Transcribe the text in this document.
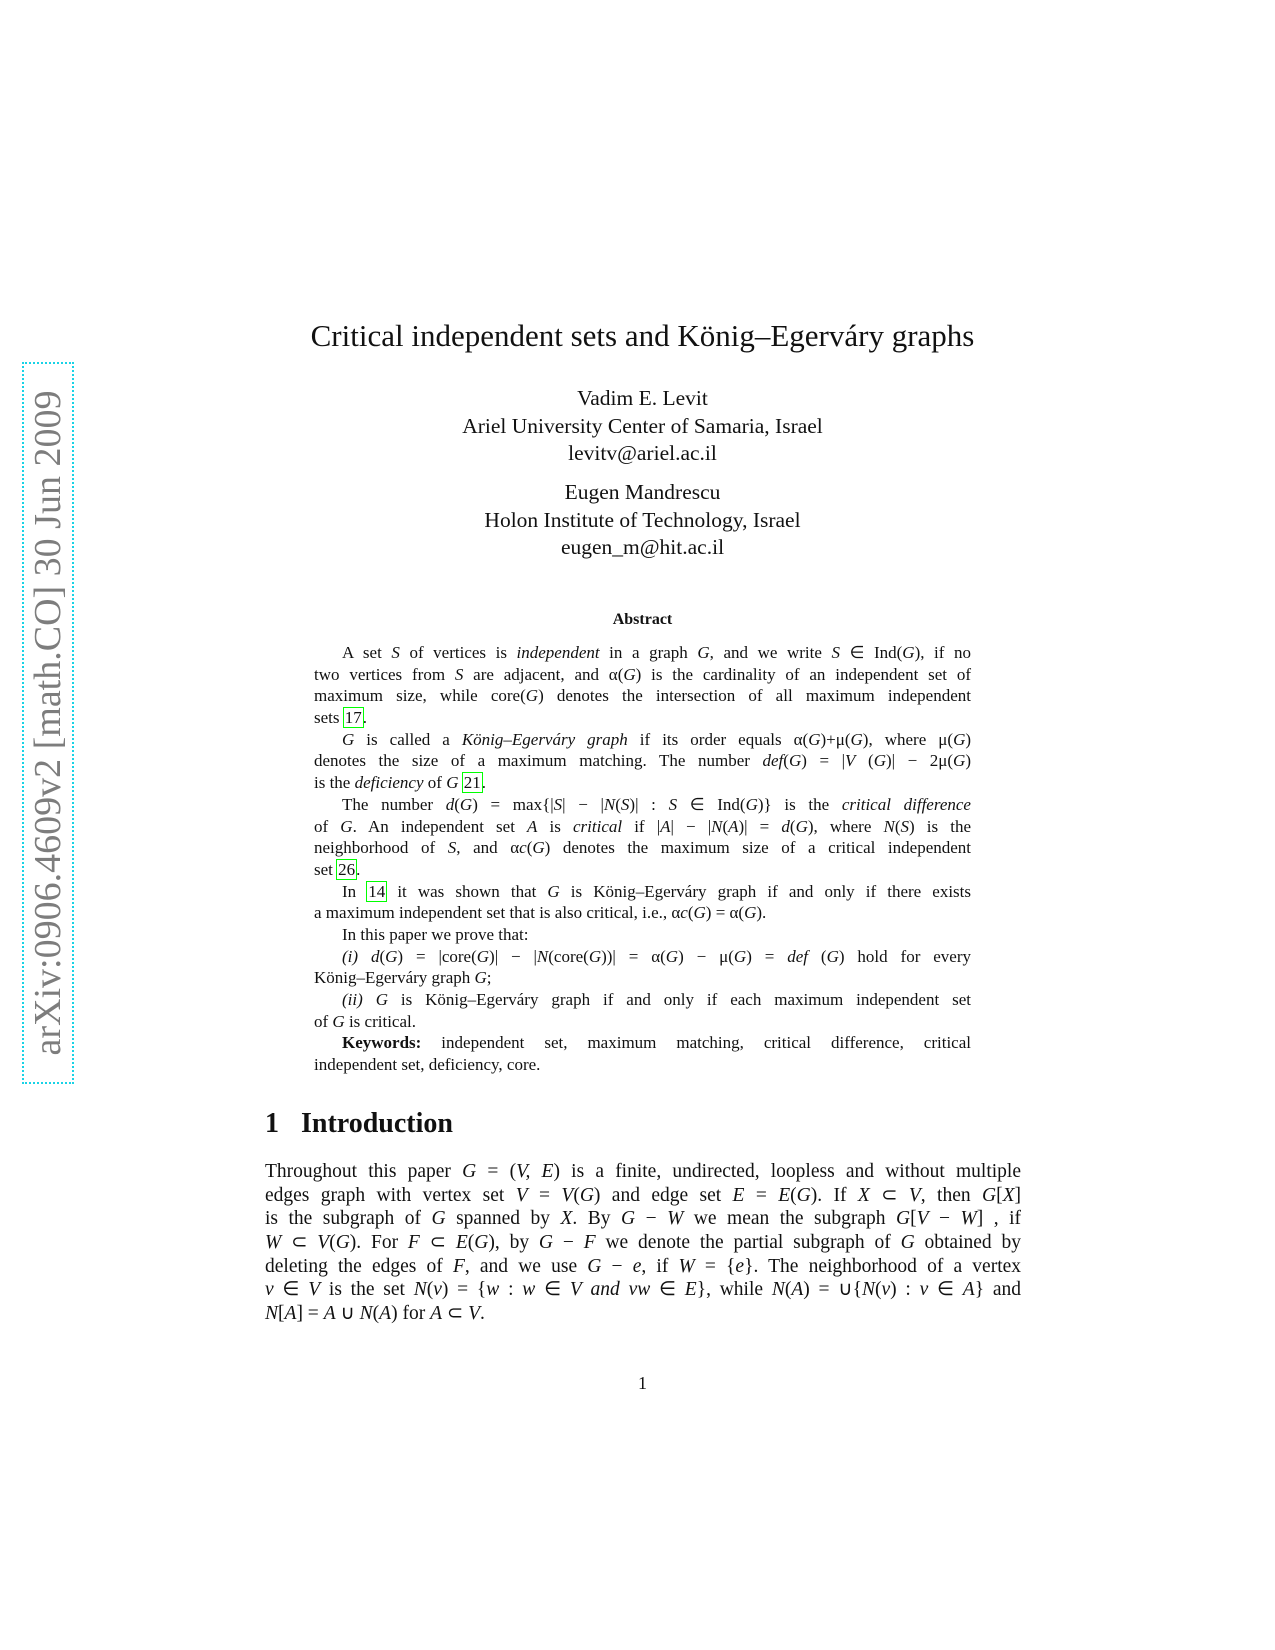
arXiv:0906.4609v2 [math.CO] 30 Jun 2009
Critical independent sets and König–Egerváry graphs
Vadim E. Levit
Ariel University Center of Samaria, Israel
levitv@ariel.ac.il
Eugen Mandrescu
Holon Institute of Technology, Israel
eugen_m@hit.ac.il
Abstract
A set S of vertices is independent in a graph G, and we write S ∈ Ind(G), if no
two vertices from S are adjacent, and α(G) is the cardinality of an independent set of
maximum size, while core(G) denotes the intersection of all maximum independent
sets 17.
G is called a König–Egerváry graph if its order equals α(G)+μ(G), where μ(G)
denotes the size of a maximum matching. The number def(G) = |V (G)| − 2μ(G)
is the deficiency of G 21.
The number d(G) = max{|S| − |N(S)| : S ∈ Ind(G)} is the critical difference
of G. An independent set A is critical if |A| − |N(A)| = d(G), where N(S) is the
neighborhood of S, and αc(G) denotes the maximum size of a critical independent
set 26.
In 14 it was shown that G is König–Egerváry graph if and only if there exists
a maximum independent set that is also critical, i.e., αc(G) = α(G).
In this paper we prove that:
(i) d(G) = |core(G)| − |N(core(G))| = α(G) − μ(G) = def (G) hold for every
König–Egerváry graph G;
(ii) G is König–Egerváry graph if and only if each maximum independent set
of G is critical.
Keywords: independent set, maximum matching, critical difference, critical
independent set, deficiency, core.
1 Introduction
Throughout this paper G = (V, E) is a finite, undirected, loopless and without multiple
edges graph with vertex set V = V(G) and edge set E = E(G). If X ⊂ V, then G[X]
is the subgraph of G spanned by X. By G − W we mean the subgraph G[V − W] , if
W ⊂ V(G). For F ⊂ E(G), by G − F we denote the partial subgraph of G obtained by
deleting the edges of F, and we use G − e, if W = {e}. The neighborhood of a vertex
v ∈ V is the set N(v) = {w : w ∈ V and vw ∈ E}, while N(A) = ∪{N(v) : v ∈ A} and
N[A] = A ∪ N(A) for A ⊂ V.
1
